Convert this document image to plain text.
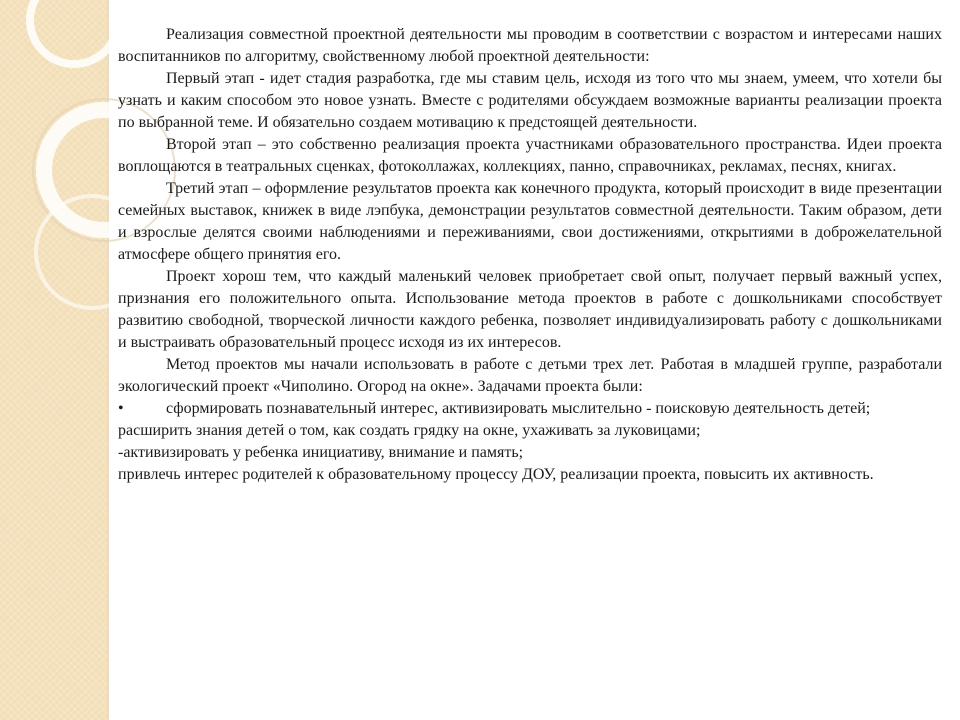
Реализация совместной проектной деятельности мы проводим в соответствии с возрастом и интересами наших воспитанников по алгоритму, свойственному любой проектной деятельности:

Первый этап - идет стадия разработка, где мы ставим цель, исходя из того что мы знаем, умеем, что хотели бы узнать и каким способом это новое узнать. Вместе с родителями обсуждаем возможные варианты реализации проекта по выбранной теме. И обязательно создаем мотивацию к предстоящей деятельности.

Второй этап – это собственно реализация проекта участниками образовательного пространства. Идеи проекта воплощаются в театральных сценках, фотоколлажах, коллекциях, панно, справочниках, рекламах, песнях, книгах.

Третий этап – оформление результатов проекта как конечного продукта, который происходит в виде презентации семейных выставок, книжек в виде лэпбука, демонстрации результатов совместной деятельности. Таким образом, дети и взрослые делятся своими наблюдениями и переживаниями, свои достижениями, открытиями в доброжелательной атмосфере общего принятия его.

Проект хорош тем, что каждый маленький человек приобретает свой опыт, получает первый важный успех, признания его положительного опыта. Использование метода проектов в работе с дошкольниками способствует развитию свободной, творческой личности каждого ребенка, позволяет индивидуализировать работу с дошкольниками и выстраивать образовательный процесс исходя из их интересов.

Метод проектов мы начали использовать в работе с детьми трех лет. Работая в младшей группе, разработали экологический проект «Чиполино. Огород на окне». Задачами проекта были:

•	сформировать познавательный интерес, активизировать мыслительно - поисковую деятельность детей;

расширить знания детей о том, как создать грядку на окне, ухаживать за луковицами;

-активизировать у ребенка инициативу, внимание и память;

привлечь интерес родителей к образовательному процессу ДОУ, реализации проекта, повысить их активность.
